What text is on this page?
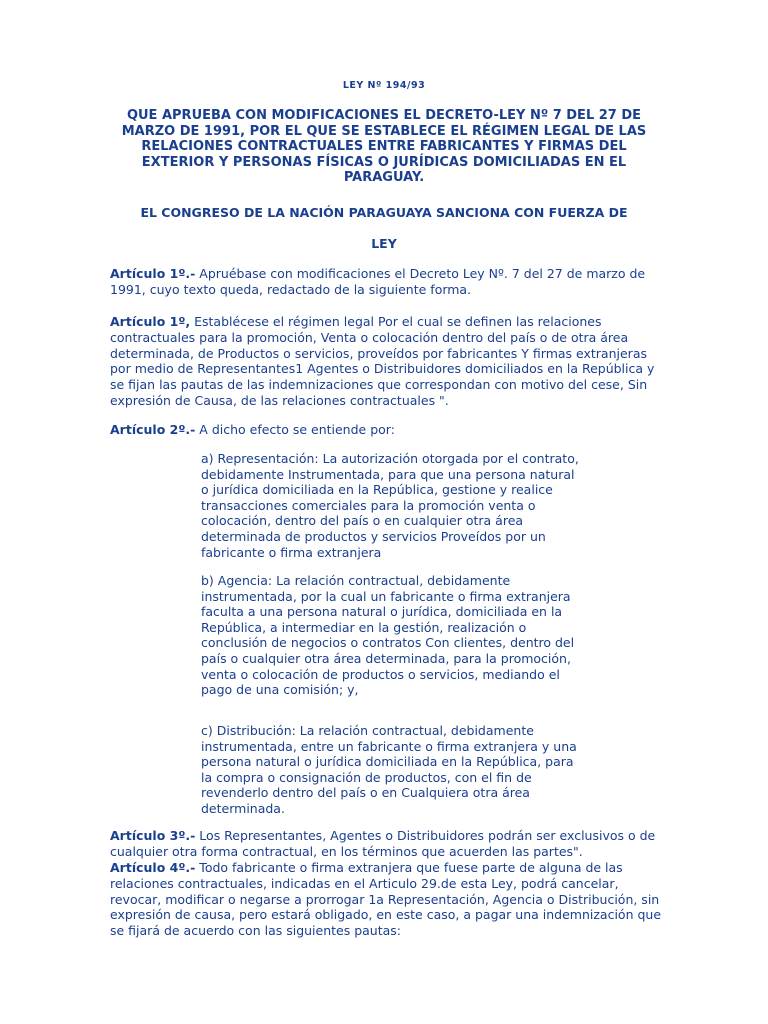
LEY Nº 194/93

QUE APRUEBA CON MODIFICACIONES EL DECRETO-LEY Nº 7 DEL 27 DE MARZO DE 1991, POR EL QUE SE ESTABLECE EL RÉGIMEN LEGAL DE LAS RELACIONES CONTRACTUALES ENTRE FABRICANTES Y FIRMAS DEL EXTERIOR Y PERSONAS FÍSICAS O JURÍDICAS DOMICILIADAS EN EL PARAGUAY.

EL CONGRESO DE LA NACIÓN PARAGUAYA SANCIONA CON FUERZA DE
LEY

Artículo 1º.- Apruébase con modificaciones el Decreto Ley Nº. 7 del 27 de marzo de 1991, cuyo texto queda, redactado de la siguiente forma.

Artículo 1º, Establécese el régimen legal Por el cual se definen las relaciones contractuales para la promoción, Venta o colocación dentro del país o de otra área determinada, de Productos o servicios, proveídos por fabricantes Y firmas extranjeras por medio de Representantes1 Agentes o Distribuidores domiciliados en la República y se fijan las pautas de las indemnizaciones que correspondan con motivo del cese, Sin expresión de Causa, de las relaciones contractuales ".

Artículo 2º.- A dicho efecto se entiende por:

a) Representación: La autorización otorgada por el contrato, debidamente Instrumentada, para que una persona natural o jurídica domiciliada en la República, gestione y realice transacciones comerciales para la promoción venta o colocación, dentro del país o en cualquier otra área determinada de productos y servicios Proveídos por un fabricante o firma extranjera

b) Agencia: La relación contractual, debidamente instrumentada, por la cual un fabricante o firma extranjera faculta a una persona natural o jurídica, domiciliada en la República, a intermediar en la gestión, realización o conclusión de negocios o contratos Con clientes, dentro del país o cualquier otra área determinada, para la promoción, venta o colocación de productos o servicios, mediando el pago de una comisión; y,

c) Distribución: La relación contractual, debidamente instrumentada, entre un fabricante o firma extranjera y una persona natural o jurídica domiciliada en la República, para la compra o consignación de productos, con el fin de revenderlo dentro del país o en Cualquiera otra área determinada.

Artículo 3º.- Los Representantes, Agentes o Distribuidores podrán ser exclusivos o de cualquier otra forma contractual, en los términos que acuerden las partes".

Artículo 4º.- Todo fabricante o firma extranjera que fuese parte de alguna de las relaciones contractuales, indicadas en el Articulo 29.de esta Ley, podrá cancelar, revocar, modificar o negarse a prorrogar 1a Representación, Agencia o Distribución, sin expresión de causa, pero estará obligado, en este caso, a pagar una indemnización que se fijará de acuerdo con las siguientes pautas:
